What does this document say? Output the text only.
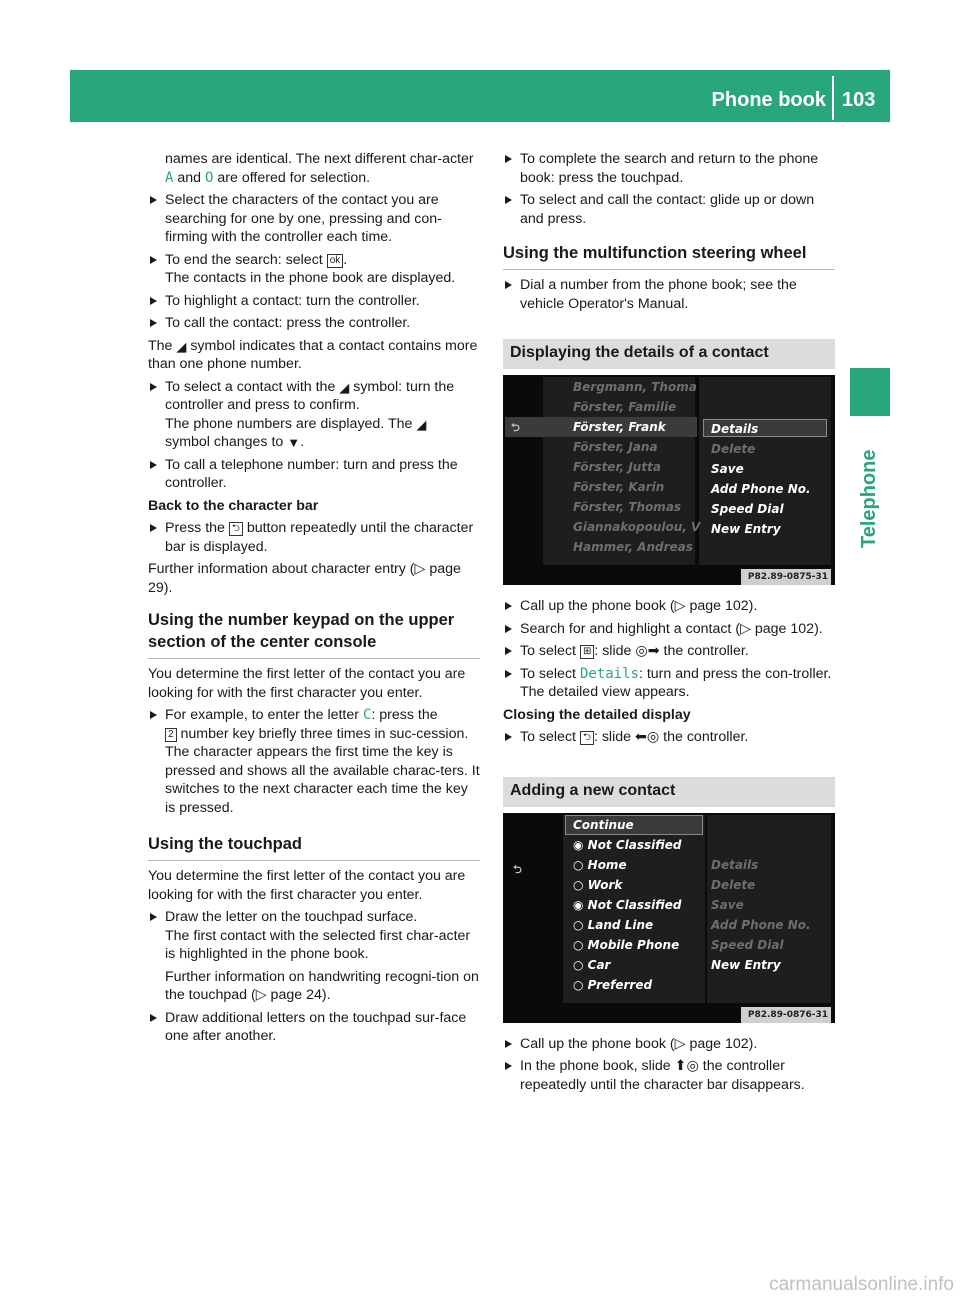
Phone book 103
Telephone

names are identical. The next different char-acter A and O are offered for selection.

Select the characters of the contact you are searching for one by one, pressing and con-firming with the controller each time.
To end the search: select ok .
The contacts in the phone book are displayed.
To highlight a contact: turn the controller.
To call the contact: press the controller.

The ◢ symbol indicates that a contact contains more than one phone number.

To select a contact with the ◢ symbol: turn the controller and press to confirm.
The phone numbers are displayed. The ◢
symbol changes to ▼.
To call a telephone number: turn and press the controller.
Back to the character bar
Press the ⮌ button repeatedly until the character bar is displayed.

Further information about character entry (▷ page 29).

Using the number keypad on the upper section of the center console

You determine the first letter of the contact you are looking for with the first character you enter.

For example, to enter the letter C: press the
2 number key briefly three times in suc-cession.
The character appears the first time the key is pressed and shows all the available charac-ters. It switches to the next character each time the key is pressed.
Using the touchpad

You determine the first letter of the contact you are looking for with the first character you enter.

Draw the letter on the touchpad surface.
The first contact with the selected first char-acter is highlighted in the phone book.
Further information on handwriting recogni-tion on the touchpad (▷ page 24).
Draw additional letters on the touchpad sur-face one after another.
To complete the search and return to the phone book: press the touchpad.
To select and call the contact: glide up or down and press.
Using the multifunction steering wheel
Dial a number from the phone book; see the vehicle Operator's Manual.
Displaying the details of a contact
⮌
Bergmann, Thoma
Förster, Familie
Förster, Frank
Förster, Jana
Förster, Jutta
Förster, Karin
Förster, Thomas
Giannakopoulou, V
Hammer, Andreas
Details
Delete
Save
Add Phone No.
Speed Dial
New Entry
P82.89-0875-31
Call up the phone book (▷ page 102).
Search for and highlight a contact (▷ page 102).
To select ⊞ : slide ◎➡ the controller.
To select Details: turn and press the con-troller.
The detailed view appears.
Closing the detailed display
To select ⮌ : slide ⬅◎ the controller.
Adding a new contact
⮌
Continue
◉ Not Classified
○ Home
○ Work
◉ Not Classified
○ Land Line
○ Mobile Phone
○ Car
○ Preferred
Details
Delete
Save
Add Phone No.
Speed Dial
New Entry
P82.89-0876-31
Call up the phone book (▷ page 102).
In the phone book, slide ⬆◎ the controller repeatedly until the character bar disappears.
carmanualsonline.info
